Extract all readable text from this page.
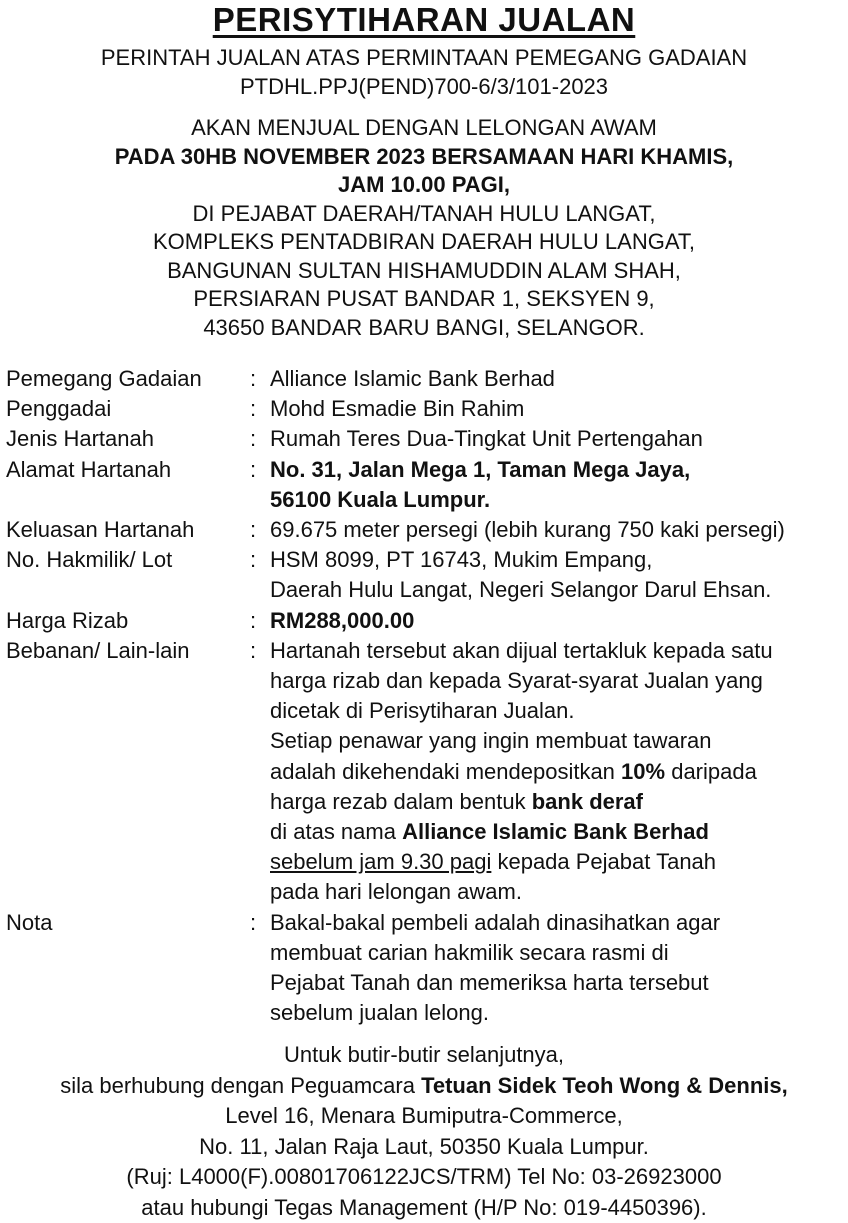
PERISYTIHARAN JUALAN
PERINTAH JUALAN ATAS PERMINTAAN PEMEGANG GADAIAN
PTDHL.PPJ(PEND)700-6/3/101-2023
AKAN MENJUAL DENGAN LELONGAN AWAM
PADA 30HB NOVEMBER 2023 BERSAMAAN HARI KHAMIS,
JAM 10.00 PAGI,
DI PEJABAT DAERAH/TANAH HULU LANGAT,
KOMPLEKS PENTADBIRAN DAERAH HULU LANGAT,
BANGUNAN SULTAN HISHAMUDDIN ALAM SHAH,
PERSIARAN PUSAT BANDAR 1, SEKSYEN 9,
43650 BANDAR BARU BANGI, SELANGOR.
Pemegang Gadaian	: Alliance Islamic Bank Berhad
Penggadai	: Mohd Esmadie Bin Rahim
Jenis Hartanah	: Rumah Teres Dua-Tingkat Unit Pertengahan
Alamat Hartanah	: No. 31, Jalan Mega 1, Taman Mega Jaya,
56100 Kuala Lumpur.
Keluasan Hartanah	: 69.675 meter persegi (lebih kurang 750 kaki persegi)
No. Hakmilik/ Lot	: HSM 8099, PT 16743, Mukim Empang,
Daerah Hulu Langat, Negeri Selangor Darul Ehsan.
Harga Rizab	: RM288,000.00
Bebanan/ Lain-lain	: Hartanah tersebut akan dijual tertakluk kepada satu
harga rizab dan kepada Syarat-syarat Jualan yang
dicetak di Perisytiharan Jualan.
Setiap penawar yang ingin membuat tawaran
adalah dikehendaki mendepositkan 10% daripada
harga rezab dalam bentuk bank deraf
di atas nama Alliance Islamic Bank Berhad
sebelum jam 9.30 pagi kepada Pejabat Tanah
pada hari lelongan awam.
Nota	: Bakal-bakal pembeli adalah dinasihatkan agar
membuat carian hakmilik secara rasmi di
Pejabat Tanah dan memeriksa harta tersebut
sebelum jualan lelong.
Untuk butir-butir selanjutnya,
sila berhubung dengan Peguamcara Tetuan Sidek Teoh Wong & Dennis,
Level 16, Menara Bumiputra-Commerce,
No. 11, Jalan Raja Laut, 50350 Kuala Lumpur.
(Ruj: L4000(F).00801706122JCS/TRM) Tel No: 03-26923000
atau hubungi Tegas Management (H/P No: 019-4450396).
